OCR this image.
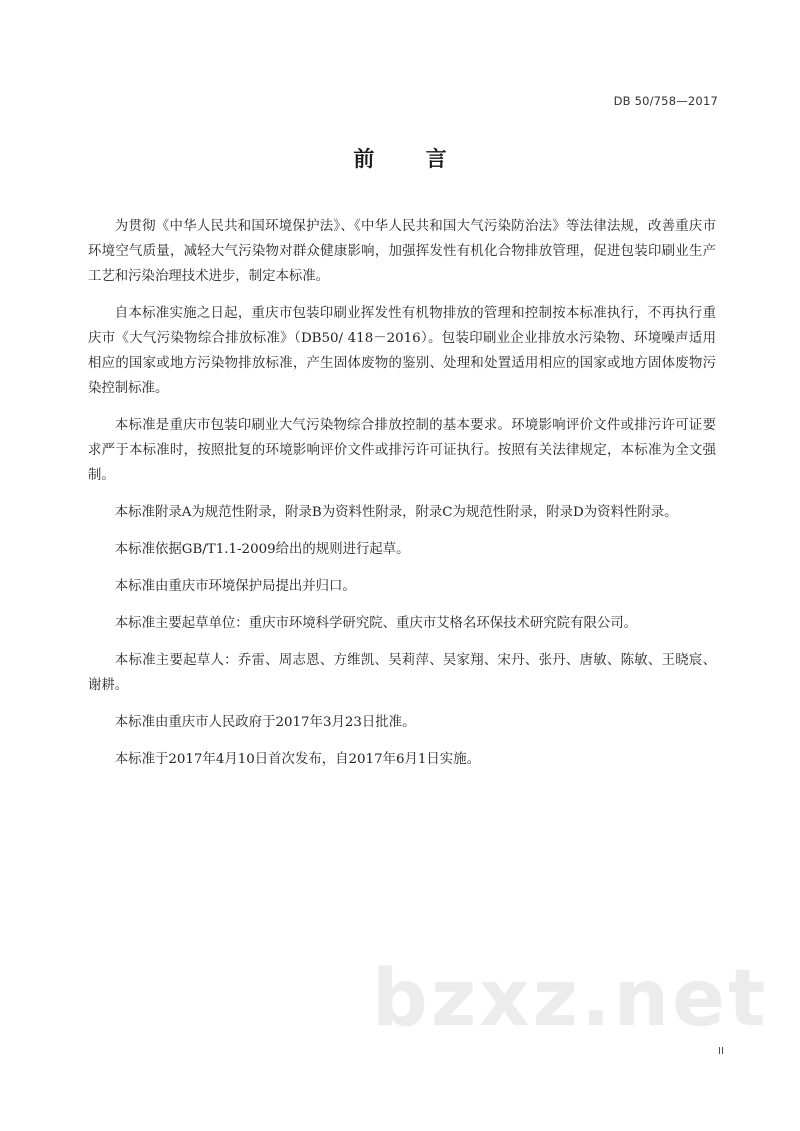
DB 50/758—2017
前 言

为贯彻《中华人民共和国环境保护法》、《中华人民共和国大气污染防治法》等法律法规，改善重庆市环境空气质量，减轻大气污染物对群众健康影响，加强挥发性有机化合物排放管理，促进包装印刷业生产工艺和污染治理技术进步，制定本标准。

自本标准实施之日起，重庆市包装印刷业挥发性有机物排放的管理和控制按本标准执行，不再执行重庆市《大气污染物综合排放标准》（DB50/ 418－2016）。包装印刷业企业排放水污染物、环境噪声适用相应的国家或地方污染物排放标准，产生固体废物的鉴别、处理和处置适用相应的国家或地方固体废物污染控制标准。

本标准是重庆市包装印刷业大气污染物综合排放控制的基本要求。环境影响评价文件或排污许可证要求严于本标准时，按照批复的环境影响评价文件或排污许可证执行。按照有关法律规定，本标准为全文强制。

本标准附录A为规范性附录，附录B为资料性附录，附录C为规范性附录，附录D为资料性附录。

本标准依据GB/T1.1-2009给出的规则进行起草。

本标准由重庆市环境保护局提出并归口。

本标准主要起草单位：重庆市环境科学研究院、重庆市艾格名环保技术研究院有限公司。

本标准主要起草人：乔雷、周志恩、方维凯、吴莉萍、吴家翔、宋丹、张丹、唐敏、陈敏、王晓宸、谢耕。

本标准由重庆市人民政府于2017年3月23日批准。

本标准于2017年4月10日首次发布，自2017年6月1日实施。

bzxz.net
II
